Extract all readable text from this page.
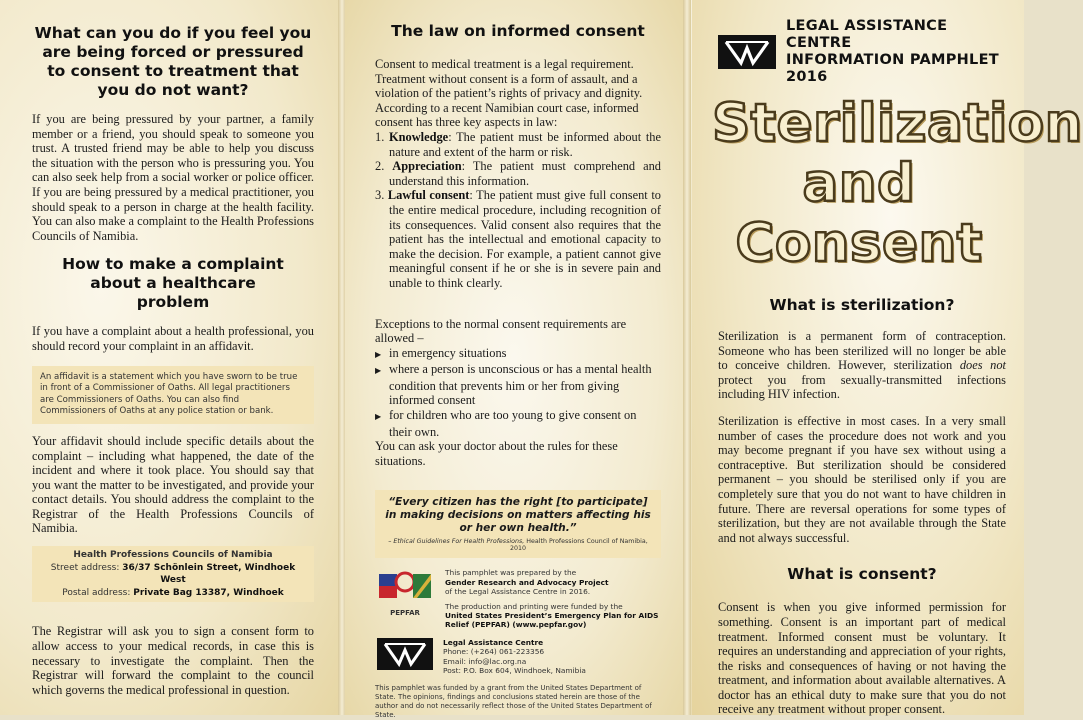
What can you do if you feel you are being forced or pressured to consent to treatment that you do not want?

If you are being pressured by your partner, a family member or a friend, you should speak to someone you trust. A trusted friend may be able to help you discuss the situation with the person who is pressuring you. You can also seek help from a social worker or police officer. If you are being pressured by a medical practitioner, you should speak to a person in charge at the health facility. You can also make a complaint to the Health Professions Councils of Namibia.

How to make a complaint about a healthcare problem

If you have a complaint about a health professional, you should record your complaint in an affidavit.

An affidavit is a statement which you have sworn to be true in front of a Commissioner of Oaths. All legal practitioners are Commissioners of Oaths. You can also find Commissioners of Oaths at any police station or bank.

Your affidavit should include specific details about the complaint – including what happened, the date of the incident and where it took place. You should say that you want the matter to be investigated, and provide your contact details. You should address the complaint to the Registrar of the Health Professions Councils of Namibia.

Health Professions Councils of Namibia
Street address: 36/37 Schönlein Street, Windhoek West
Postal address: Private Bag 13387, Windhoek

The Registrar will ask you to sign a consent form to allow access to your medical records, in case this is necessary to investigate the complaint. Then the Registrar will forward the complaint to the council which governs the medical professional in question.

The law on informed consent

Consent to medical treatment is a legal requirement. Treatment without consent is a form of assault, and a violation of the patient’s rights of privacy and dignity. According to a recent Namibian court case, informed consent has three key aspects in law:

1. Knowledge: The patient must be informed about the nature and extent of the harm or risk.
2. Appreciation: The patient must comprehend and understand this information.
3. Lawful consent: The patient must give full consent to the entire medical procedure, including recognition of its consequences. Valid consent also requires that the patient has the intellectual and emotional capacity to make the decision. For example, a patient cannot give meaningful consent if he or she is in severe pain and unable to think clearly.

Exceptions to the normal consent requirements are allowed –

▶ in emergency situations
▶ where a person is unconscious or has a mental health condition that prevents him or her from giving informed consent
▶ for children who are too young to give consent on their own.

You can ask your doctor about the rules for these situations.

“Every citizen has the right [to participate] in making decisions on matters affecting his or her own health.”
– Ethical Guidelines For Health Professions, Health Professions Council of Namibia, 2010
PEPFAR
This pamphlet was prepared by the
Gender Research and Advocacy Project
of the Legal Assistance Centre in 2016.
The production and printing were funded by the
United States President’s Emergency Plan for AIDS Relief (PEPFAR) (www.pepfar.gov)
Legal Assistance Centre
Phone: (+264) 061-223356
Email: info@lac.org.na
Post: P.O. Box 604, Windhoek, Namibia
This pamphlet was funded by a grant from the United States Department of State. The opinions, findings and conclusions stated herein are those of the author and do not necessarily reflect those of the United States Department of State.
LEGAL ASSISTANCE CENTRE
INFORMATION PAMPHLET 2016
Sterilization
and Consent
What is sterilization?

Sterilization is a permanent form of contraception. Someone who has been sterilized will no longer be able to conceive children. However, sterilization does not protect you from sexually-transmitted infections including HIV infection.

Sterilization is effective in most cases. In a very small number of cases the procedure does not work and you may become pregnant if you have sex without using a contraceptive. But sterilization should be considered permanent – you should be sterilised only if you are completely sure that you do not want to have children in future. There are reversal operations for some types of sterilization, but they are not available through the State and not always successful.

What is consent?

Consent is when you give informed permission for something. Consent is an important part of medical treatment. Informed consent must be voluntary. It requires an understanding and appreciation of your rights, the risks and consequences of having or not having the treatment, and information about available alternatives. A doctor has an ethical duty to make sure that you do not receive any treatment without proper consent.
